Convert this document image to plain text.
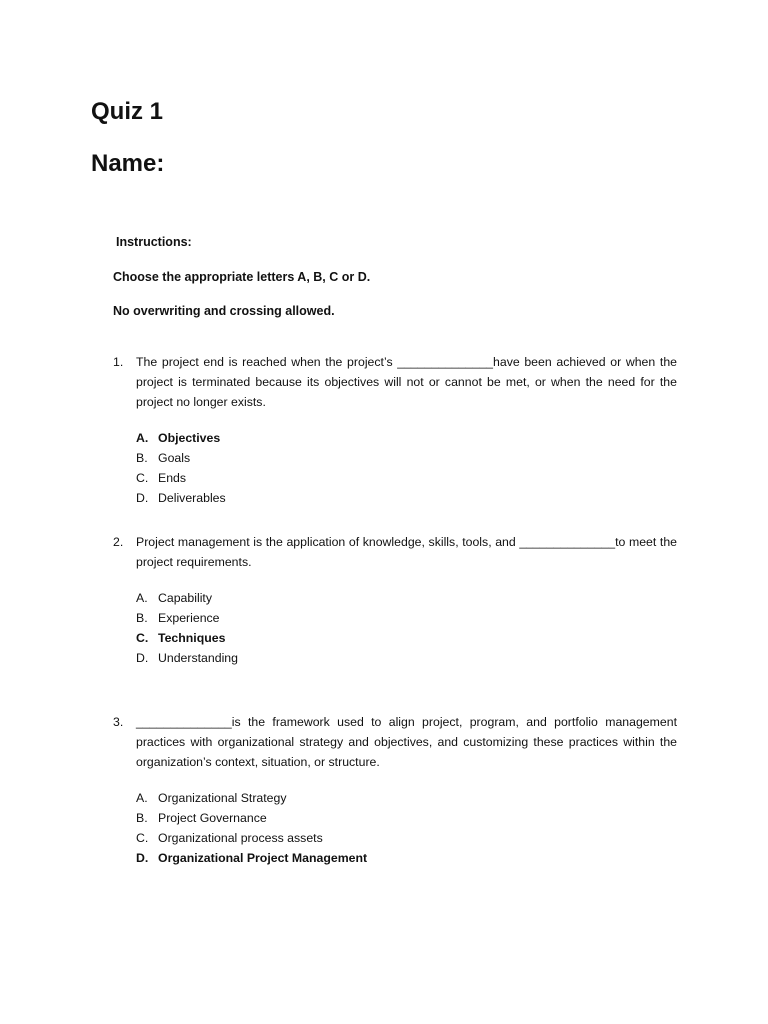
Quiz 1
Name:

Instructions:

Choose the appropriate letters A, B, C or D.

No overwriting and crossing allowed.

1.	The project end is reached when the project’s ______________have been achieved or when the project is terminated because its objectives will not or cannot be met, or when the need for the project no longer exists.
A. Objectives
B. Goals
C. Ends
D. Deliverables
2.	Project management is the application of knowledge, skills, tools, and ______________to meet the project requirements.
A. Capability
B. Experience
C. Techniques
D. Understanding
3.	______________is the framework used to align project, program, and portfolio management practices with organizational strategy and objectives, and customizing these practices within the organization’s context, situation, or structure.
A. Organizational Strategy
B. Project Governance
C. Organizational process assets
D. Organizational Project Management
